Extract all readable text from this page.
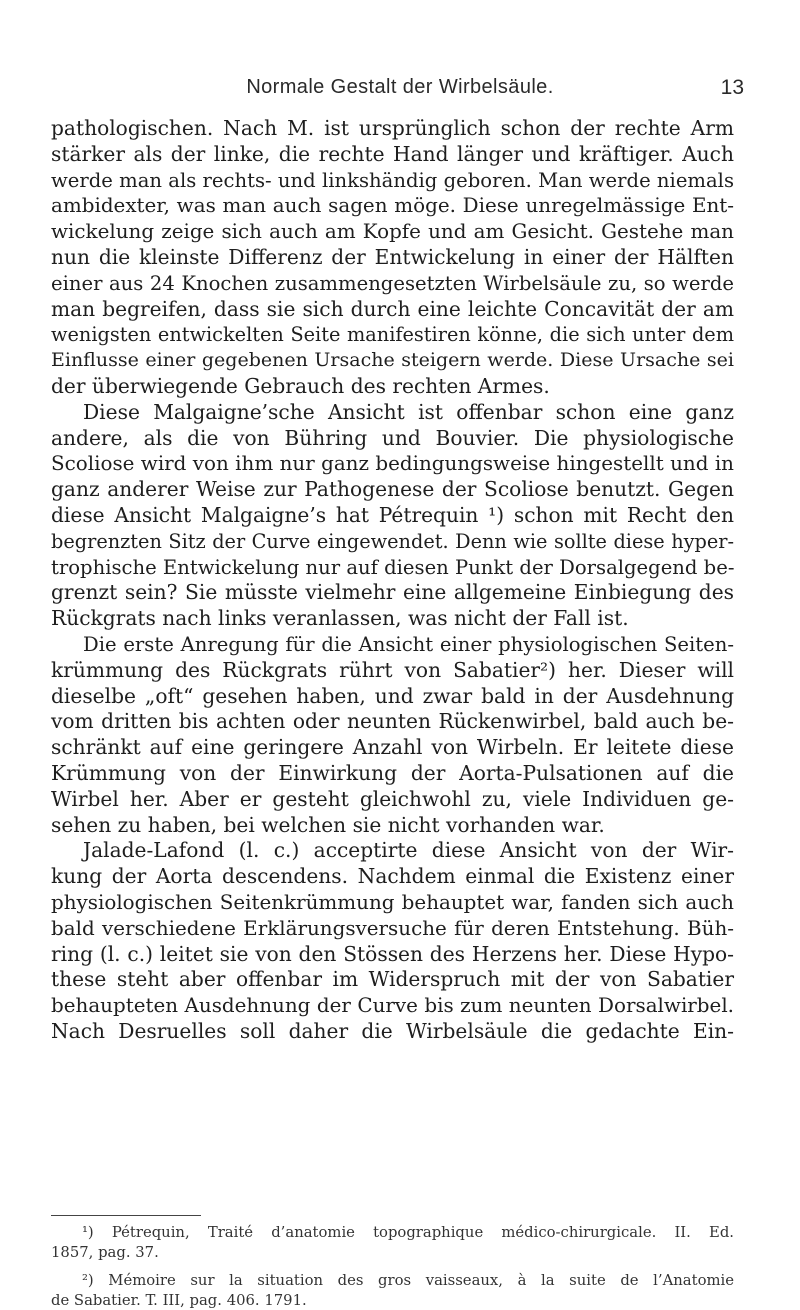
Normale Gestalt der Wirbelsäule.	13
pathologischen. Nach M. ist ursprünglich schon der rechte Arm
stärker als der linke, die rechte Hand länger und kräftiger. Auch
werde man als rechts- und linkshändig geboren. Man werde niemals
ambidexter, was man auch sagen möge. Diese unregelmässige Ent-
wickelung zeige sich auch am Kopfe und am Gesicht. Gestehe man
nun die kleinste Differenz der Entwickelung in einer der Hälften
einer aus 24 Knochen zusammengesetzten Wirbelsäule zu, so werde
man begreifen, dass sie sich durch eine leichte Concavität der am
wenigsten entwickelten Seite manifestiren könne, die sich unter dem
Einflusse einer gegebenen Ursache steigern werde. Diese Ursache sei
der überwiegende Gebrauch des rechten Armes.
Diese Malgaigne’sche Ansicht ist offenbar schon eine ganz
andere, als die von Bühring und Bouvier. Die physiologische
Scoliose wird von ihm nur ganz bedingungsweise hingestellt und in
ganz anderer Weise zur Pathogenese der Scoliose benutzt. Gegen
diese Ansicht Malgaigne’s hat Pétrequin ¹) schon mit Recht den
begrenzten Sitz der Curve eingewendet. Denn wie sollte diese hyper-
trophische Entwickelung nur auf diesen Punkt der Dorsalgegend be-
grenzt sein? Sie müsste vielmehr eine allgemeine Einbiegung des
Rückgrats nach links veranlassen, was nicht der Fall ist.
Die erste Anregung für die Ansicht einer physiologischen Seiten-
krümmung des Rückgrats rührt von Sabatier²) her. Dieser will
dieselbe „oft“ gesehen haben, und zwar bald in der Ausdehnung
vom dritten bis achten oder neunten Rückenwirbel, bald auch be-
schränkt auf eine geringere Anzahl von Wirbeln. Er leitete diese
Krümmung von der Einwirkung der Aorta-Pulsationen auf die
Wirbel her. Aber er gesteht gleichwohl zu, viele Individuen ge-
sehen zu haben, bei welchen sie nicht vorhanden war.
Jalade-Lafond (l. c.) acceptirte diese Ansicht von der Wir-
kung der Aorta descendens. Nachdem einmal die Existenz einer
physiologischen Seitenkrümmung behauptet war, fanden sich auch
bald verschiedene Erklärungsversuche für deren Entstehung. Büh-
ring (l. c.) leitet sie von den Stössen des Herzens her. Diese Hypo-
these steht aber offenbar im Widerspruch mit der von Sabatier
behaupteten Ausdehnung der Curve bis zum neunten Dorsalwirbel.
Nach Desruelles soll daher die Wirbelsäule die gedachte Ein-
¹) Pétrequin, Traité d’anatomie topographique médico-chirurgicale. II. Ed.
1857, pag. 37.
²) Mémoire sur la situation des gros vaisseaux, à la suite de l’Anatomie
de Sabatier. T. III, pag. 406. 1791.
